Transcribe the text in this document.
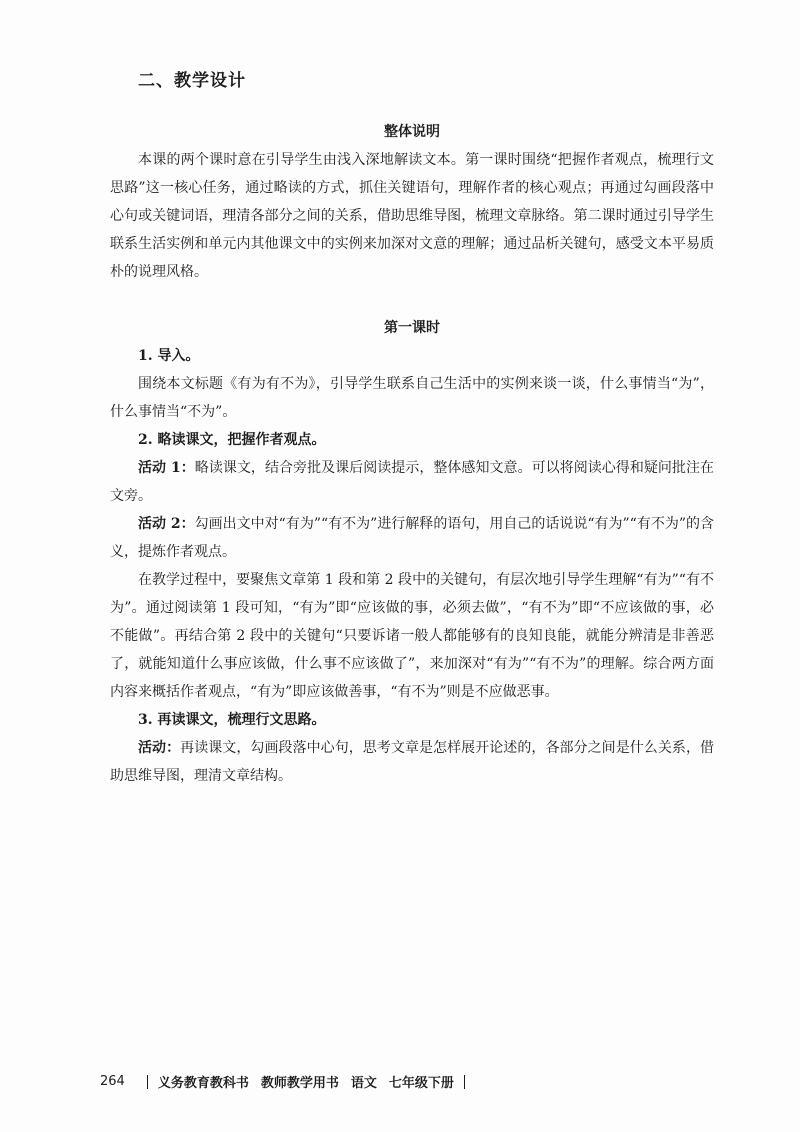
二、教学设计
整体说明

本课的两个课时意在引导学生由浅入深地解读文本。第一课时围绕“把握作者观点，梳理行文思路”这一核心任务，通过略读的方式，抓住关键语句，理解作者的核心观点；再通过勾画段落中心句或关键词语，理清各部分之间的关系，借助思维导图，梳理文章脉络。第二课时通过引导学生联系生活实例和单元内其他课文中的实例来加深对文意的理解；通过品析关键句，感受文本平易质朴的说理风格。

第一课时

1. 导入。

围绕本文标题《有为有不为》，引导学生联系自己生活中的实例来谈一谈，什么事情当“为”，什么事情当“不为”。

2. 略读课文，把握作者观点。

活动 1：略读课文，结合旁批及课后阅读提示，整体感知文意。可以将阅读心得和疑问批注在文旁。

活动 2：勾画出文中对“有为”“有不为”进行解释的语句，用自己的话说说“有为”“有不为”的含义，提炼作者观点。

在教学过程中，要聚焦文章第 1 段和第 2 段中的关键句，有层次地引导学生理解“有为”“有不为”。通过阅读第 1 段可知，“有为”即“应该做的事，必须去做”，“有不为”即“不应该做的事，必不能做”。再结合第 2 段中的关键句“只要诉诸一般人都能够有的良知良能，就能分辨清是非善恶了，就能知道什么事应该做，什么事不应该做了”，来加深对“有为”“有不为”的理解。综合两方面内容来概括作者观点，“有为”即应该做善事，“有不为”则是不应做恶事。

3. 再读课文，梳理行文思路。

活动：再读课文，勾画段落中心句，思考文章是怎样展开论述的，各部分之间是什么关系，借助思维导图，理清文章结构。

264	义务教育教科书 教师教学用书 语文 七年级下册
